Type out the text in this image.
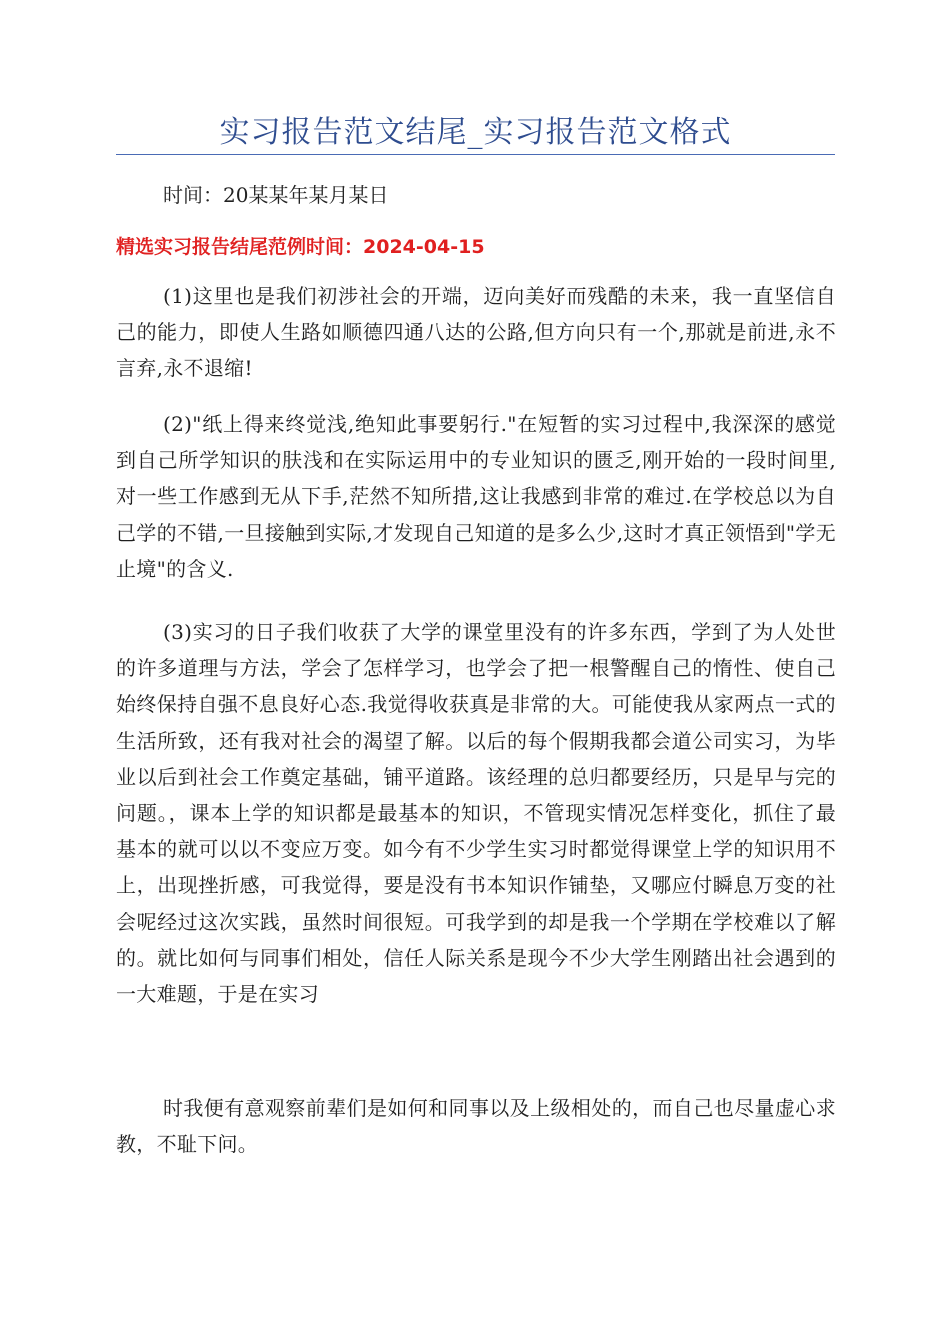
实习报告范文结尾_实习报告范文格式
时间：20某某年某月某日
精选实习报告结尾范例时间：2024-04-15

(1)这里也是我们初涉社会的开端，迈向美好而残酷的未来，我一直坚信自己的能力，即使人生路如顺德四通八达的公路,但方向只有一个,那就是前进,永不言弃,永不退缩!

(2)"纸上得来终觉浅,绝知此事要躬行."在短暂的实习过程中,我深深的感觉到自己所学知识的肤浅和在实际运用中的专业知识的匮乏,刚开始的一段时间里,对一些工作感到无从下手,茫然不知所措,这让我感到非常的难过.在学校总以为自己学的不错,一旦接触到实际,才发现自己知道的是多么少,这时才真正领悟到"学无止境"的含义.

(3)实习的日子我们收获了大学的课堂里没有的许多东西，学到了为人处世的许多道理与方法，学会了怎样学习，也学会了把一根警醒自己的惰性、使自己始终保持自强不息良好心态.我觉得收获真是非常的大。可能使我从家两点一式的生活所致，还有我对社会的渴望了解。以后的每个假期我都会道公司实习，为毕业以后到社会工作奠定基础，铺平道路。该经理的总归都要经历，只是早与完的问题。，课本上学的知识都是最基本的知识，不管现实情况怎样变化，抓住了最基本的就可以以不变应万变。如今有不少学生实习时都觉得课堂上学的知识用不上，出现挫折感，可我觉得，要是没有书本知识作铺垫，又哪应付瞬息万变的社会呢经过这次实践，虽然时间很短。可我学到的却是我一个学期在学校难以了解的。就比如何与同事们相处，信任人际关系是现今不少大学生刚踏出社会遇到的一大难题，于是在实习

时我便有意观察前辈们是如何和同事以及上级相处的，而自己也尽量虚心求教，不耻下问。
